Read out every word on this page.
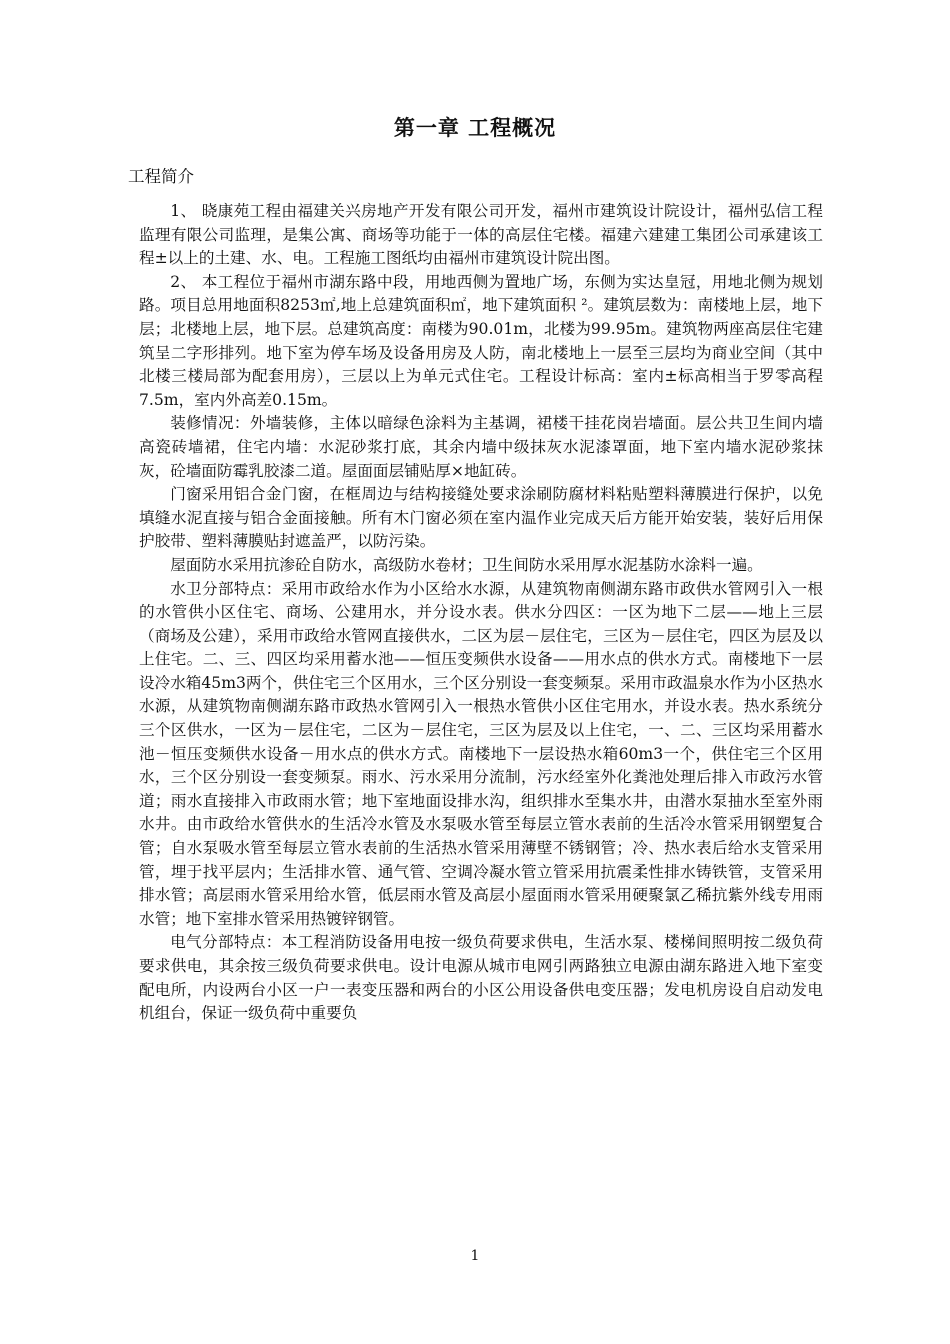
第一章 工程概况
工程简介

1、 晓康苑工程由福建关兴房地产开发有限公司开发，福州市建筑设计院设计，福州弘信工程监理有限公司监理，是集公寓、商场等功能于一体的高层住宅楼。福建六建建工集团公司承建该工程±以上的土建、水、电。工程施工图纸均由福州市建筑设计院出图。

2、 本工程位于福州市湖东路中段，用地西侧为置地广场，东侧为实达皇冠，用地北侧为规划路。项目总用地面积8253㎡,地上总建筑面积㎡，地下建筑面积 ²。建筑层数为：南楼地上层，地下层；北楼地上层，地下层。总建筑高度：南楼为90.01m，北楼为99.95m。建筑物两座高层住宅建筑呈二字形排列。地下室为停车场及设备用房及人防，南北楼地上一层至三层均为商业空间（其中北楼三楼局部为配套用房），三层以上为单元式住宅。工程设计标高：室内±标高相当于罗零高程7.5m，室内外高差0.15m。

装修情况：外墙装修，主体以暗绿色涂料为主基调，裙楼干挂花岗岩墙面。层公共卫生间内墙高瓷砖墙裙，住宅内墙：水泥砂浆打底，其余内墙中级抹灰水泥漆罩面，地下室内墙水泥砂浆抹灰，砼墙面防霉乳胶漆二道。屋面面层铺贴厚×地缸砖。

门窗采用铝合金门窗，在框周边与结构接缝处要求涂刷防腐材料粘贴塑料薄膜进行保护，以免填缝水泥直接与铝合金面接触。所有木门窗必须在室内温作业完成天后方能开始安装，装好后用保护胶带、塑料薄膜贴封遮盖严，以防污染。

屋面防水采用抗渗砼自防水，高级防水卷材；卫生间防水采用厚水泥基防水涂料一遍。

水卫分部特点：采用市政给水作为小区给水水源，从建筑物南侧湖东路市政供水管网引入一根的水管供小区住宅、商场、公建用水，并分设水表。供水分四区：一区为地下二层——地上三层（商场及公建），采用市政给水管网直接供水，二区为层－层住宅，三区为－层住宅，四区为层及以上住宅。二、三、四区均采用蓄水池——恒压变频供水设备——用水点的供水方式。南楼地下一层设冷水箱45m3两个，供住宅三个区用水，三个区分别设一套变频泵。采用市政温泉水作为小区热水水源，从建筑物南侧湖东路市政热水管网引入一根热水管供小区住宅用水，并设水表。热水系统分三个区供水，一区为－层住宅，二区为－层住宅，三区为层及以上住宅，一、二、三区均采用蓄水池－恒压变频供水设备－用水点的供水方式。南楼地下一层设热水箱60m3一个，供住宅三个区用水，三个区分别设一套变频泵。雨水、污水采用分流制，污水经室外化粪池处理后排入市政污水管道；雨水直接排入市政雨水管；地下室地面设排水沟，组织排水至集水井，由潜水泵抽水至室外雨水井。由市政给水管供水的生活冷水管及水泵吸水管至每层立管水表前的生活冷水管采用钢塑复合管；自水泵吸水管至每层立管水表前的生活热水管采用薄壁不锈钢管；冷、热水表后给水支管采用管，埋于找平层内；生活排水管、通气管、空调冷凝水管立管采用抗震柔性排水铸铁管，支管采用排水管；高层雨水管采用给水管，低层雨水管及高层小屋面雨水管采用硬聚氯乙稀抗紫外线专用雨水管；地下室排水管采用热镀锌钢管。

电气分部特点：本工程消防设备用电按一级负荷要求供电，生活水泵、楼梯间照明按二级负荷要求供电，其余按三级负荷要求供电。设计电源从城市电网引两路独立电源由湖东路进入地下室变配电所，内设两台小区一户一表变压器和两台的小区公用设备供电变压器；发电机房设自启动发电机组台，保证一级负荷中重要负

1
